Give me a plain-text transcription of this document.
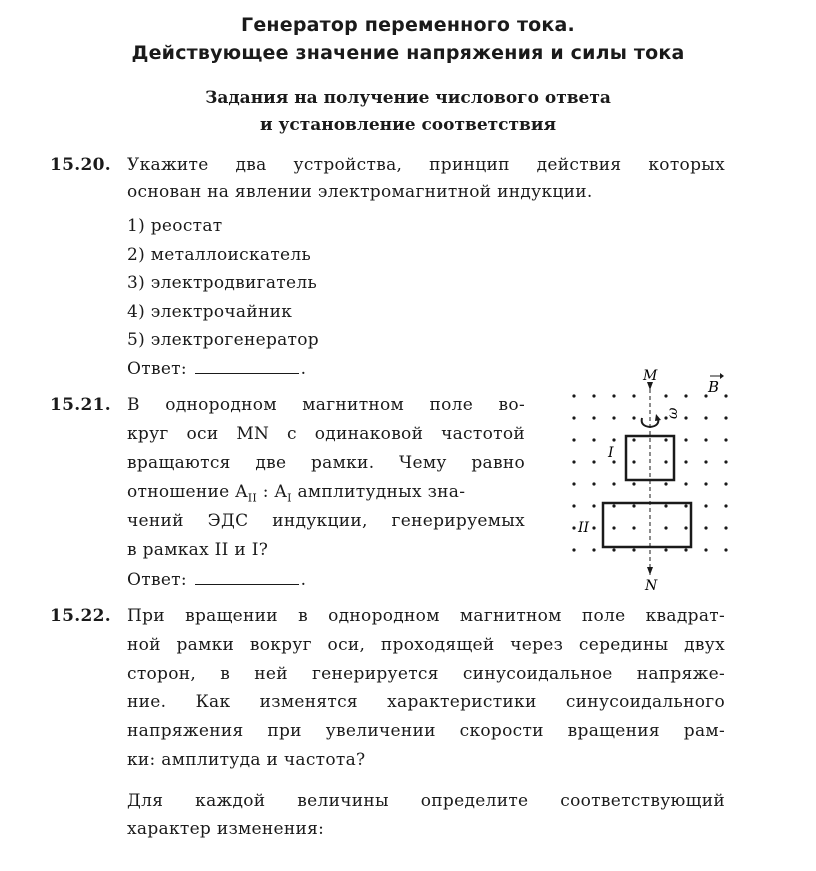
Генератор переменного тока.
Действующее значение напряжения и силы тока
Задания на получение числового ответа
и установление соответствия
15.20. Укажите два устройства, принцип действия которых
основан на явлении электромагнитной индукции.
1) реостат
2) металлоискатель
3) электродвигатель
4) электрочайник
5) электрогенератор
Ответ:	.
15.21. В однородном магнитном поле во-
круг оси MN с одинаковой частотой
вращаются две рамки. Чему равно
отношение $A_{II}$ : $A_I$ амплитудных зна-
чений ЭДС индукции, генерируемых
в рамках II и I?
Ответ:	.
M
N
B
ω
I
II
15.22. При вращении в однородном магнитном поле квадрат-
ной рамки вокруг оси, проходящей через середины двух
сторон, в ней генерируется синусоидальное напряже-
ние. Как изменятся характеристики синусоидального
напряжения при увеличении скорости вращения рам-
ки: амплитуда и частота?
Для каждой величины определите соответствующий
характер изменения:
